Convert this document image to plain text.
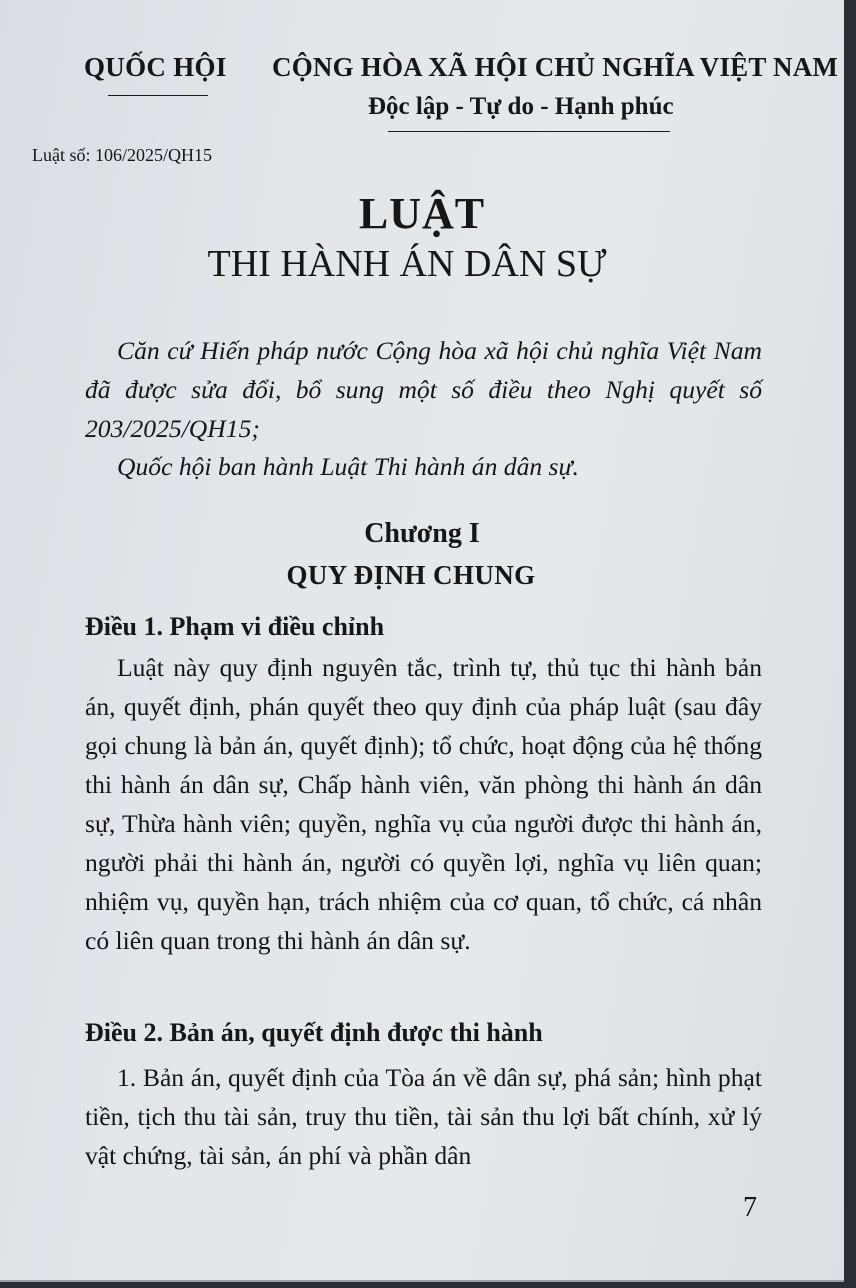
QUỐC HỘI CỘNG HÒA XÃ HỘI CHỦ NGHĨA VIỆT NAM
Độc lập - Tự do - Hạnh phúc
Luật số: 106/2025/QH15
LUẬT
THI HÀNH ÁN DÂN SỰ

Căn cứ Hiến pháp nước Cộng hòa xã hội chủ nghĩa Việt Nam đã được sửa đổi, bổ sung một số điều theo Nghị quyết số 203/2025/QH15;

Quốc hội ban hành Luật Thi hành án dân sự.

Chương I
QUY ĐỊNH CHUNG
Điều 1. Phạm vi điều chỉnh

Luật này quy định nguyên tắc, trình tự, thủ tục thi hành bản án, quyết định, phán quyết theo quy định của pháp luật (sau đây gọi chung là bản án, quyết định); tổ chức, hoạt động của hệ thống thi hành án dân sự, Chấp hành viên, văn phòng thi hành án dân sự, Thừa hành viên; quyền, nghĩa vụ của người được thi hành án, người phải thi hành án, người có quyền lợi, nghĩa vụ liên quan; nhiệm vụ, quyền hạn, trách nhiệm của cơ quan, tổ chức, cá nhân có liên quan trong thi hành án dân sự.

Điều 2. Bản án, quyết định được thi hành

1. Bản án, quyết định của Tòa án về dân sự, phá sản; hình phạt tiền, tịch thu tài sản, truy thu tiền, tài sản thu lợi bất chính, xử lý vật chứng, tài sản, án phí và phần dân

7
